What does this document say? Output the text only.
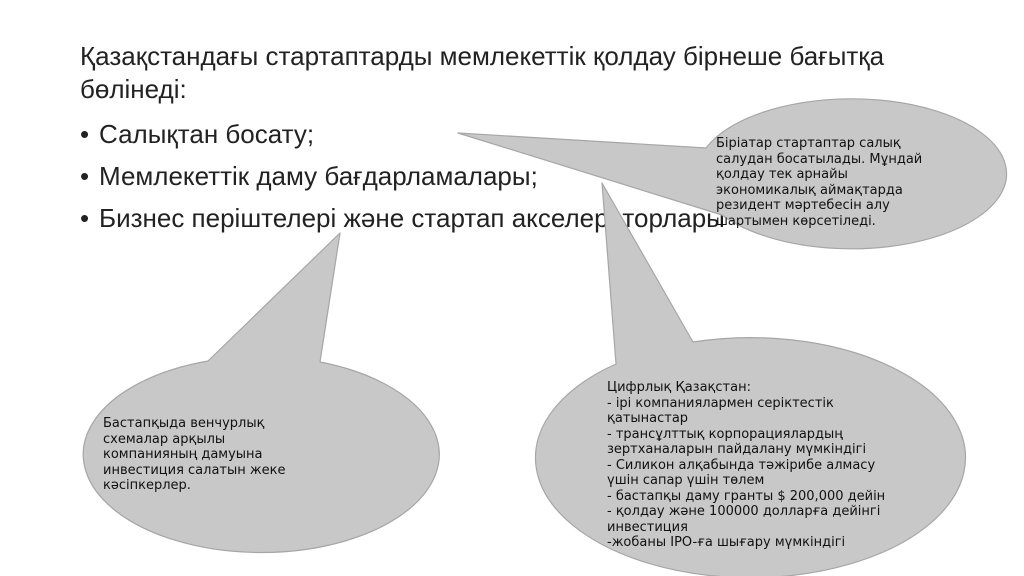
Қазақстандағы стартаптарды мемлекеттік қолдау бірнеше бағытқа бөлінеді:
• Салықтан босату;
• Мемлекеттік даму бағдарламалары;
• Бизнес періштелері және стартап акселераторлары
Біріатар стартаптар салық
салудан босатылады. Мұндай
қолдау тек арнайы
экономикалық аймақтарда
резидент мәртебесін алу
шартымен көрсетіледі.
Бастапқыда венчурлық
схемалар арқылы
компанияның дамуына
инвестиция салатын жеке
кәсіпкерлер.
Цифрлық Қазақстан:
- ірі компаниялармен серіктестік
қатынастар
- трансұлттық корпорациялардың
зертханаларын пайдалану мүмкіндігі
- Силикон алқабында тәжірибе алмасу
үшін сапар үшін төлем
- бастапқы даму гранты $ 200,000 дейін
- қолдау және 100000 долларға дейінгі
инвестиция
-жобаны IPO-ға шығару мүмкіндігі
